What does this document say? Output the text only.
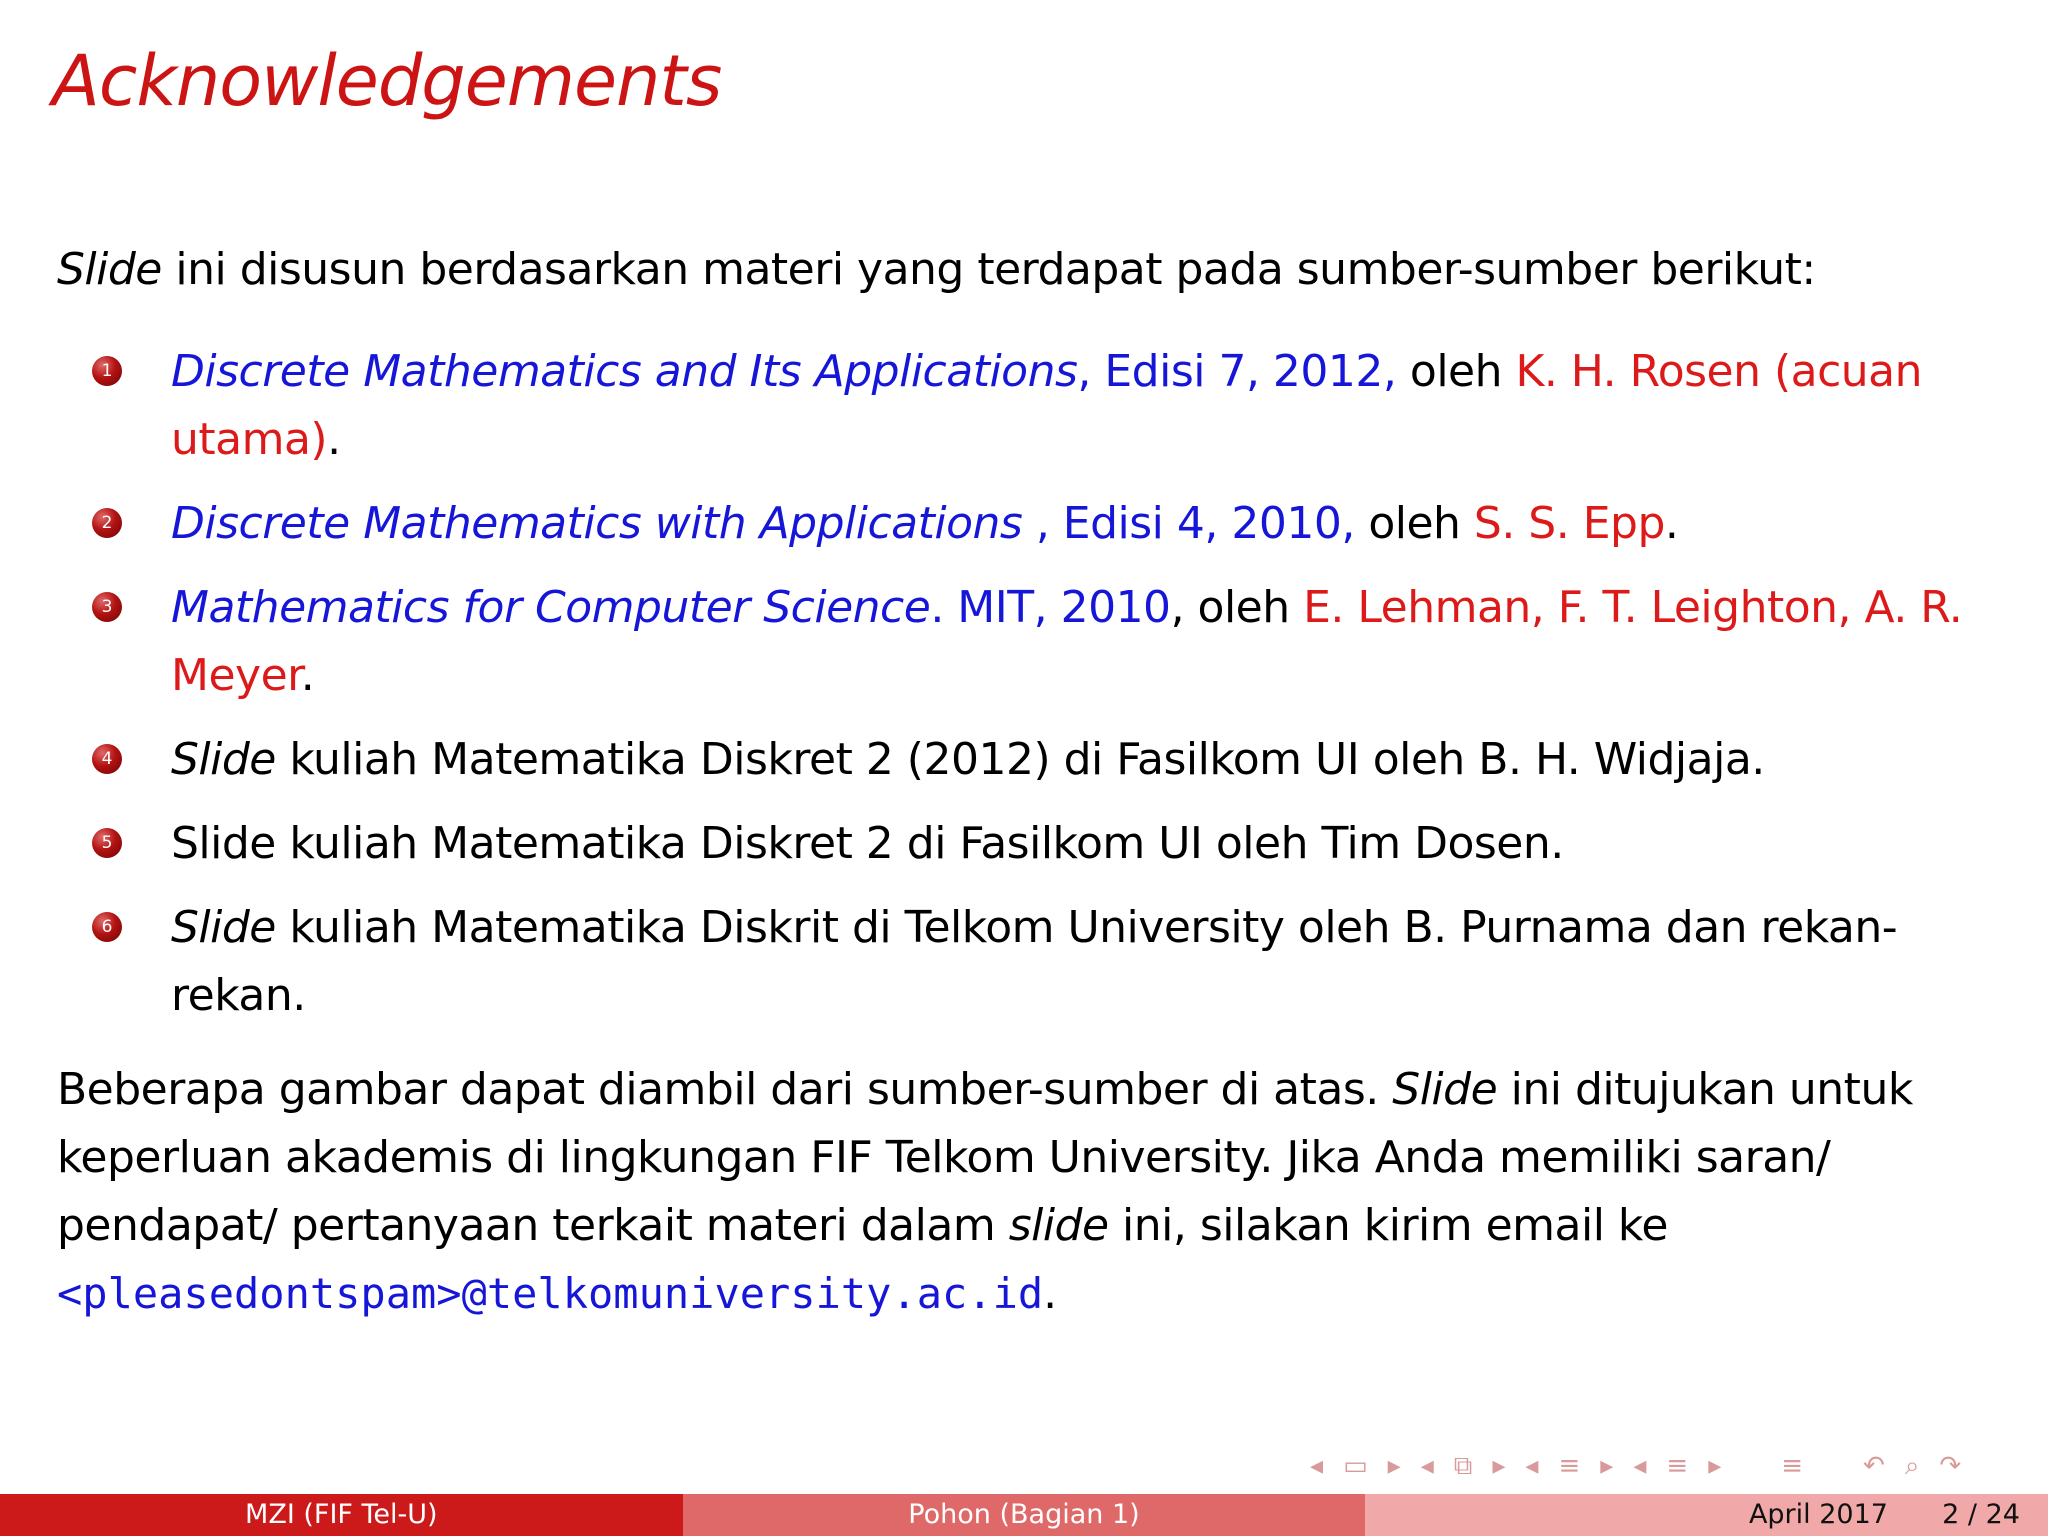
Acknowledgements
Slide ini disusun berdasarkan materi yang terdapat pada sumber-sumber berikut:
1 Discrete Mathematics and Its Applications, Edisi 7, 2012, oleh K. H. Rosen (acuan utama).
2 Discrete Mathematics with Applications , Edisi 4, 2010, oleh S. S. Epp.
3 Mathematics for Computer Science. MIT, 2010, oleh E. Lehman, F. T. Leighton, A. R. Meyer.
4 Slide kuliah Matematika Diskret 2 (2012) di Fasilkom UI oleh B. H. Widjaja.
5 Slide kuliah Matematika Diskret 2 di Fasilkom UI oleh Tim Dosen.
6 Slide kuliah Matematika Diskrit di Telkom University oleh B. Purnama dan rekan-rekan.
Beberapa gambar dapat diambil dari sumber-sumber di atas. Slide ini ditujukan untuk keperluan akademis di lingkungan FIF Telkom University. Jika Anda memiliki saran/ pendapat/ pertanyaan terkait materi dalam slide ini, silakan kirim email ke <pleasedontspam>@telkomuniversity.ac.id.
◂ ▭ ▸ ◂ ⧉ ▸ ◂ ≡ ▸ ◂ ≡ ▸ ≡ ↶ ⌕ ↷
MZI (FIF Tel-U)	Pohon (Bagian 1)	April 2017 2 / 24
